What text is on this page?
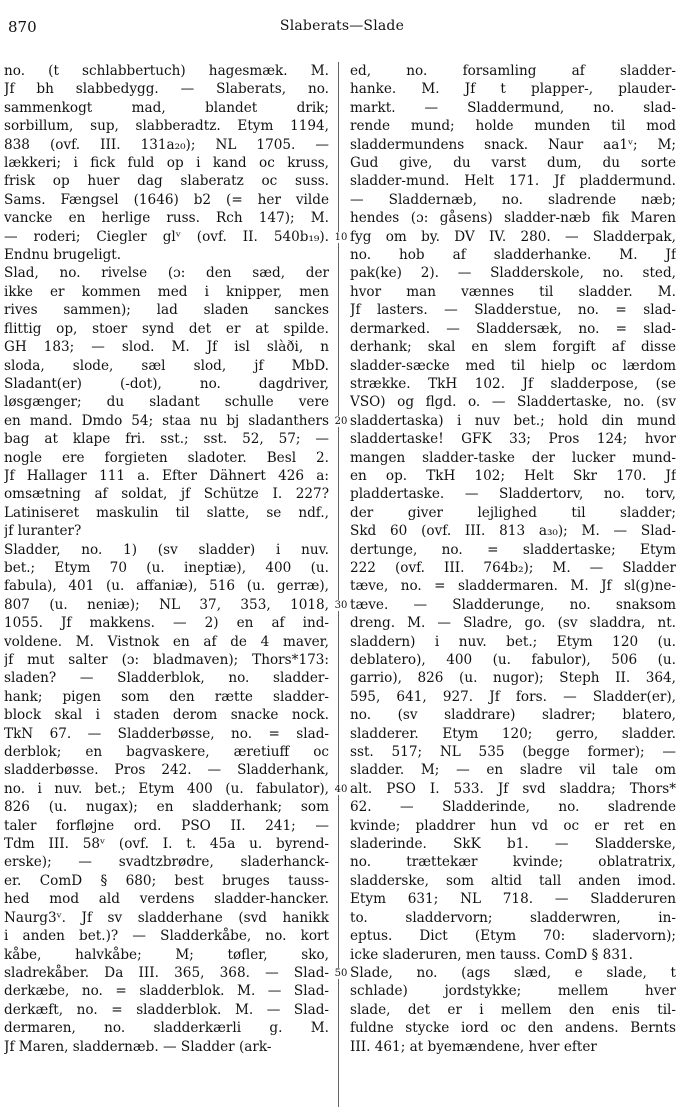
870	Slaberats—Slade
no. (t schlabbertuch) hagesmæk. M.
Jf bh slabbedygg. — Slaberats, no.
sammenkogt mad, blandet drik;
sorbillum, sup, slabberadtz. Etym 1194,
838 (ovf. III. 131a₂₀); NL 1705. —
lækkeri; i fick fuld op i kand oc kruss,
frisk op huer dag slaberatz oc suss.
Sams. Fængsel (1646) b2 (= her vilde
vancke en herlige russ. Rch 147); M.
— roderi; Ciegler glᵛ (ovf. II. 540b₁₉).
Endnu brugeligt.
Slad, no. rivelse (ɔ: den sæd, der
ikke er kommen med i knipper, men
rives sammen); lad sladen sanckes
flittig op, stoer synd det er at spilde.
GH 183; — slod. M. Jf isl slàði, n
sloda, slode, sæl slod, jf MbD.
Sladant(er) (-dot), no. dagdriver,
løsgænger; du sladant schulle vere
en mand. Dmdo 54; staa nu bj sladanthers
bag at klape fri. sst.; sst. 52, 57; —
nogle ere forgieten sladoter. Besl 2.
Jf Hallager 111 a. Efter Dähnert 426 a:
omsætning af soldat, jf Schütze I. 227?
Latiniseret maskulin til slatte, se ndf.,
jf luranter?
Sladder, no. 1) (sv sladder) i nuv.
bet.; Etym 70 (u. ineptiæ), 400 (u.
fabula), 401 (u. affaniæ), 516 (u. gerræ),
807 (u. neniæ); NL 37, 353, 1018,
1055. Jf makkens. — 2) en af ind-
voldene. M. Vistnok en af de 4 maver,
jf mut salter (ɔ: bladmaven); Thors*173:
sladen? — Sladderblok, no. sladder-
hank; pigen som den rætte sladder-
block skal i staden derom snacke nock.
TkN 67. — Sladderbøsse, no. = slad-
derblok; en bagvaskere, æretiuff oc
sladderbøsse. Pros 242. — Sladderhank,
no. i nuv. bet.; Etym 400 (u. fabulator),
826 (u. nugax); en sladderhank; som
taler forfløjne ord. PSO II. 241; —
Tdm III. 58ᵛ (ovf. I. t. 45a u. byrend-
erske); — svadtzbrødre, sladerhanck-
er. ComD § 680; best bruges tauss-
hed mod ald verdens sladder-hancker.
Naurg3ᵛ. Jf sv sladderhane (svd hanikk
i anden bet.)? — Sladderkåbe, no. kort
kåbe, halvkåbe; M; tøfler, sko,
sladrekåber. Da III. 365, 368. — Slad-
derkæbe, no. = sladderblok. M. — Slad-
derkæft, no. = sladderblok. M. — Slad-
dermaren, no. sladderkærli g. M.
Jf Maren, sladdernæb. — Sladder (ark-
10
20
30
40
50
ed, no. forsamling af sladder-
hanke. M. Jf t plapper-, plauder-
markt. — Sladdermund, no. slad-
rende mund; holde munden til mod
sladdermundens snack. Naur aa1ᵛ; M;
Gud give, du varst dum, du sorte
sladder-mund. Helt 171. Jf pladdermund.
— Sladdernæb, no. sladrende næb;
hendes (ɔ: gåsens) sladder-næb fik Maren
fyg om by. DV IV. 280. — Sladderpak,
no. hob af sladderhanke. M. Jf
pak(ke) 2). — Sladderskole, no. sted,
hvor man vænnes til sladder. M.
Jf lasters. — Sladderstue, no. = slad-
dermarked. — Sladdersæk, no. = slad-
derhank; skal en slem forgift af disse
sladder-sæcke med til hielp oc lærdom
strække. TkH 102. Jf sladderpose, (se
VSO) og flgd. o. — Sladdertaske, no. (sv
sladdertaska) i nuv bet.; hold din mund
sladdertaske! GFK 33; Pros 124; hvor
mangen sladder-taske der lucker mund-
en op. TkH 102; Helt Skr 170. Jf
pladdertaske. — Sladdertorv, no. torv,
der giver lejlighed til sladder;
Skd 60 (ovf. III. 813 a₃₀); M. — Slad-
dertunge, no. = sladdertaske; Etym
222 (ovf. III. 764b₂); M. — Sladder
tæve, no. = sladdermaren. M. Jf sl(g)ne-
tæve. — Sladderunge, no. snaksom
dreng. M. — Sladre, go. (sv sladdra, nt.
sladdern) i nuv. bet.; Etym 120 (u.
deblatero), 400 (u. fabulor), 506 (u.
garrio), 826 (u. nugor); Steph II. 364,
595, 641, 927. Jf fors. — Sladder(er),
no. (sv sladdrare) sladrer; blatero,
sladderer. Etym 120; gerro, sladder.
sst. 517; NL 535 (begge former); —
sladder. M; — en sladre vil tale om
alt. PSO I. 533. Jf svd sladdra; Thors*
62. — Sladderinde, no. sladrende
kvinde; pladdrer hun vd oc er ret en
sladerinde. SkK b1. — Sladderske,
no. trættekær kvinde; oblatratrix,
sladderske, som altid tall anden imod.
Etym 631; NL 718. — Sladderuren
to. sladdervorn; sladderwren, in-
eptus. Dict (Etym 70: sladervorn);
icke sladeruren, men tauss. ComD § 831.
Slade, no. (ags slæd, e slade, t
schlade) jordstykke; mellem hver
slade, det er i mellem den enis til-
fuldne stycke iord oc den andens. Bernts
III. 461; at byemændene, hver efter
